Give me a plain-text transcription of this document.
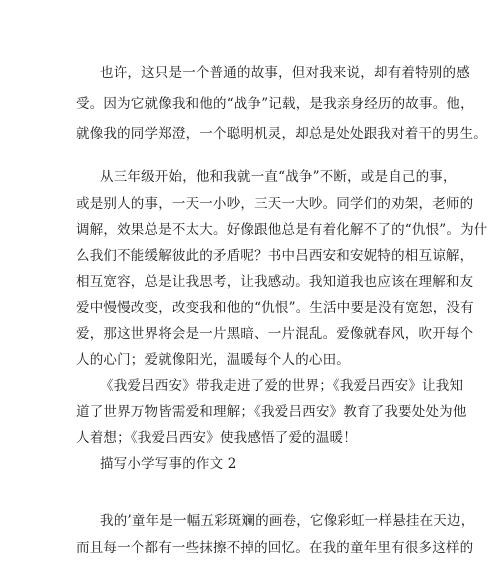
也许，这只是一个普通的故事，但对我来说，却有着特别的感
受。因为它就像我和他的“战争”记载，是我亲身经历的故事。他，
就像我的同学郑澄，一个聪明机灵，却总是处处跟我对着干的男生。
从三年级开始，他和我就一直“战争”不断，或是自己的事，
或是别人的事，一天一小吵，三天一大吵。同学们的劝架，老师的
调解，效果总是不太大。好像跟他总是有着化解不了的“仇恨”。为什
么我们不能缓解彼此的矛盾呢？书中吕西安和安妮特的相互谅解，
相互宽容，总是让我思考，让我感动。我知道我也应该在理解和友
爱中慢慢改变，改变我和他的“仇恨”。生活中要是没有宽恕，没有
爱，那这世界将会是一片黑暗、一片混乱。爱像就春风，吹开每个
人的心门；爱就像阳光，温暖每个人的心田。
《我爱吕西安》带我走进了爱的世界；《我爱吕西安》让我知
道了世界万物皆需爱和理解；《我爱吕西安》教育了我要处处为他
人着想；《我爱吕西安》使我感悟了爱的温暖！
描写小学写事的作文 2
我的’童年是一幅五彩斑斓的画卷，它像彩虹一样悬挂在天边，
而且每一个都有一些抹擦不掉的回忆。在我的童年里有很多这样的
